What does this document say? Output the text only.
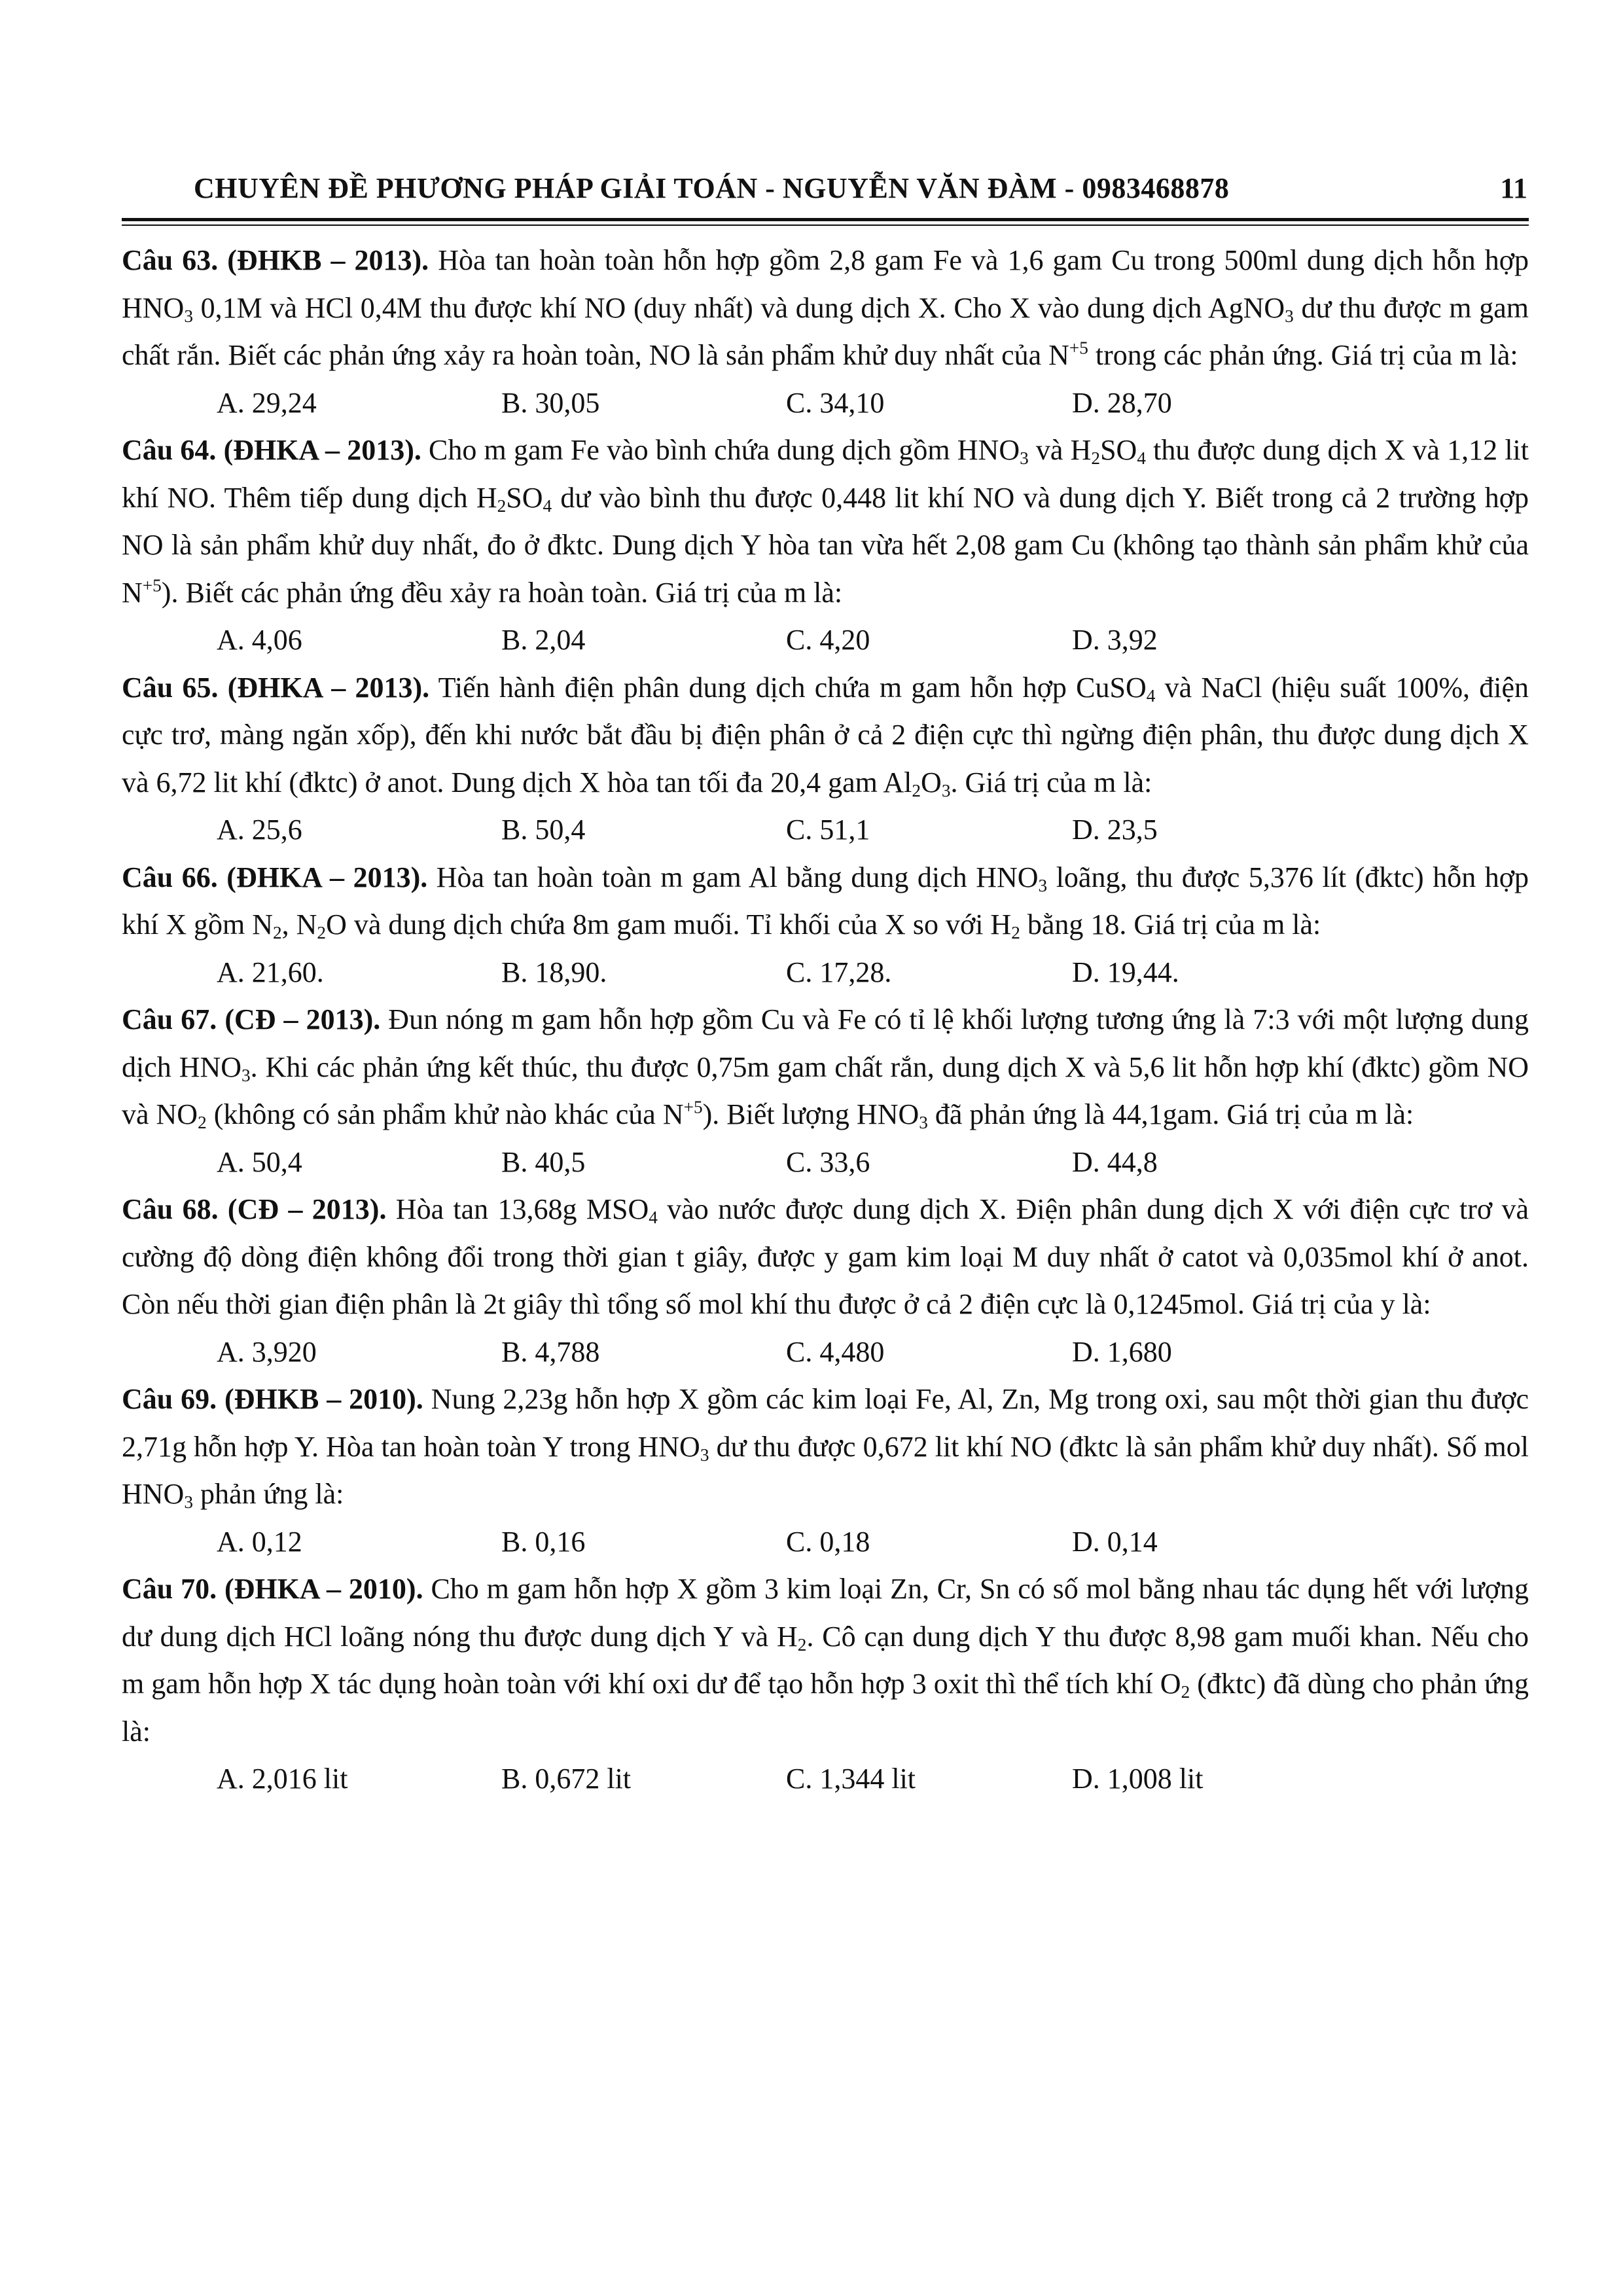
CHUYÊN ĐỀ PHƯƠNG PHÁP GIẢI TOÁN - NGUYỄN VĂN ĐÀM - 0983468878	11
Câu 63. (ĐHKB – 2013). Hòa tan hoàn toàn hỗn hợp gồm 2,8 gam Fe và 1,6 gam Cu trong 500ml dung dịch hỗn hợp $HNO_3$ 0,1M và HCl 0,4M thu được khí NO (duy nhất) và dung dịch X. Cho X vào dung dịch AgNO$_3$ dư thu được m gam chất rắn. Biết các phản ứng xảy ra hoàn toàn, NO là sản phẩm khử duy nhất của $N^{+5}$ trong các phản ứng. Giá trị của m là:
A. 29,24	B. 30,05	C. 34,10	D. 28,70
Câu 64. (ĐHKA – 2013). Cho m gam Fe vào bình chứa dung dịch gồm $HNO_3$ và $H_2SO_4$ thu được dung dịch X và 1,12 lit khí NO. Thêm tiếp dung dịch $H_2SO_4$ dư vào bình thu được 0,448 lit khí NO và dung dịch Y. Biết trong cả 2 trường hợp NO là sản phẩm khử duy nhất, đo ở đktc. Dung dịch Y hòa tan vừa hết 2,08 gam Cu (không tạo thành sản phẩm khử của $N^{+5}$). Biết các phản ứng đều xảy ra hoàn toàn. Giá trị của m là:
A. 4,06	B. 2,04	C. 4,20	D. 3,92
Câu 65. (ĐHKA – 2013). Tiến hành điện phân dung dịch chứa m gam hỗn hợp CuSO$_4$ và NaCl (hiệu suất 100%, điện cực trơ, màng ngăn xốp), đến khi nước bắt đầu bị điện phân ở cả 2 điện cực thì ngừng điện phân, thu được dung dịch X và 6,72 lit khí (đktc) ở anot. Dung dịch X hòa tan tối đa 20,4 gam $Al_2O_3$. Giá trị của m là:
A. 25,6	B. 50,4	C. 51,1	D. 23,5
Câu 66. (ĐHKA – 2013). Hòa tan hoàn toàn m gam Al bằng dung dịch $HNO_3$ loãng, thu được 5,376 lít (đktc) hỗn hợp khí X gồm $N_2$, $N_2O$ và dung dịch chứa 8m gam muối. Tỉ khối của X so với $H_2$ bằng 18. Giá trị của m là:
A. 21,60.	B. 18,90.	C. 17,28.	D. 19,44.
Câu 67. (CĐ – 2013). Đun nóng m gam hỗn hợp gồm Cu và Fe có tỉ lệ khối lượng tương ứng là 7:3 với một lượng dung dịch $HNO_3$. Khi các phản ứng kết thúc, thu được 0,75m gam chất rắn, dung dịch X và 5,6 lit hỗn hợp khí (đktc) gồm NO và $NO_2$ (không có sản phẩm khử nào khác của $N^{+5}$). Biết lượng $HNO_3$ đã phản ứng là 44,1gam. Giá trị của m là:
A. 50,4	B. 40,5	C. 33,6	D. 44,8
Câu 68. (CĐ – 2013). Hòa tan 13,68g $MSO_4$ vào nước được dung dịch X. Điện phân dung dịch X với điện cực trơ và cường độ dòng điện không đổi trong thời gian t giây, được y gam kim loại M duy nhất ở catot và 0,035mol khí ở anot. Còn nếu thời gian điện phân là 2t giây thì tổng số mol khí thu được ở cả 2 điện cực là 0,1245mol. Giá trị của y là:
A. 3,920	B. 4,788	C. 4,480	D. 1,680
Câu 69. (ĐHKB – 2010). Nung 2,23g hỗn hợp X gồm các kim loại Fe, Al, Zn, Mg trong oxi, sau một thời gian thu được 2,71g hỗn hợp Y. Hòa tan hoàn toàn Y trong $HNO_3$ dư thu được 0,672 lit khí NO (đktc là sản phẩm khử duy nhất). Số mol $HNO_3$ phản ứng là:
A. 0,12	B. 0,16	C. 0,18	D. 0,14
Câu 70. (ĐHKA – 2010). Cho m gam hỗn hợp X gồm 3 kim loại Zn, Cr, Sn có số mol bằng nhau tác dụng hết với lượng dư dung dịch HCl loãng nóng thu được dung dịch Y và $H_2$. Cô cạn dung dịch Y thu được 8,98 gam muối khan. Nếu cho m gam hỗn hợp X tác dụng hoàn toàn với khí oxi dư để tạo hỗn hợp 3 oxit thì thể tích khí $O_2$ (đktc) đã dùng cho phản ứng là:
A. 2,016 lit	B. 0,672 lit	C. 1,344 lit	D. 1,008 lit
